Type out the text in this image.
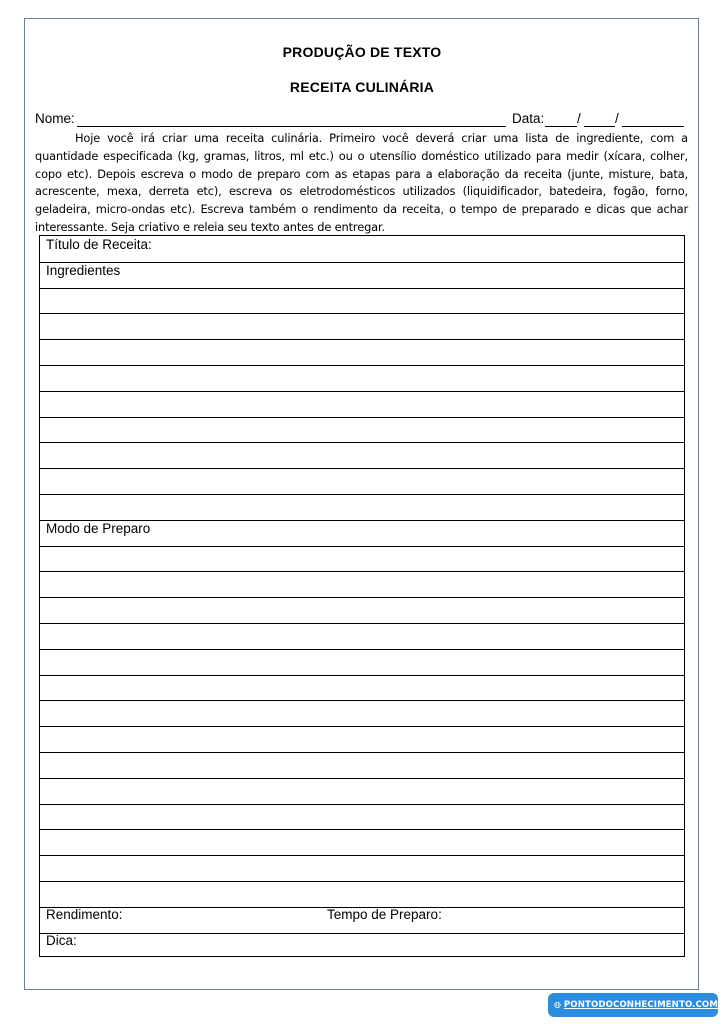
PRODUÇÃO DE TEXTO
RECEITA CULINÁRIA
Nome:	Data: /	/
Hoje você irá criar uma receita culinária. Primeiro você deverá criar uma lista de ingrediente, com a quantidade especificada (kg, gramas, litros, ml etc.) ou o utensílio doméstico utilizado para medir (xícara, colher, copo etc). Depois escreva o modo de preparo com as etapas para a elaboração da receita (junte, misture, bata, acrescente, mexa, derreta etc), escreva os eletrodomésticos utilizados (liquidificador, batedeira, fogão, forno, geladeira, micro-ondas etc). Escreva também o rendimento da receita, o tempo de preparado e dicas que achar interessante. Seja criativo e releia seu texto antes de entregar.
Título de Receita:
Ingredientes
Modo de Preparo
Rendimento:	Tempo de Preparo:
Dica:
PONTODOCONHECIMENTO.COM
